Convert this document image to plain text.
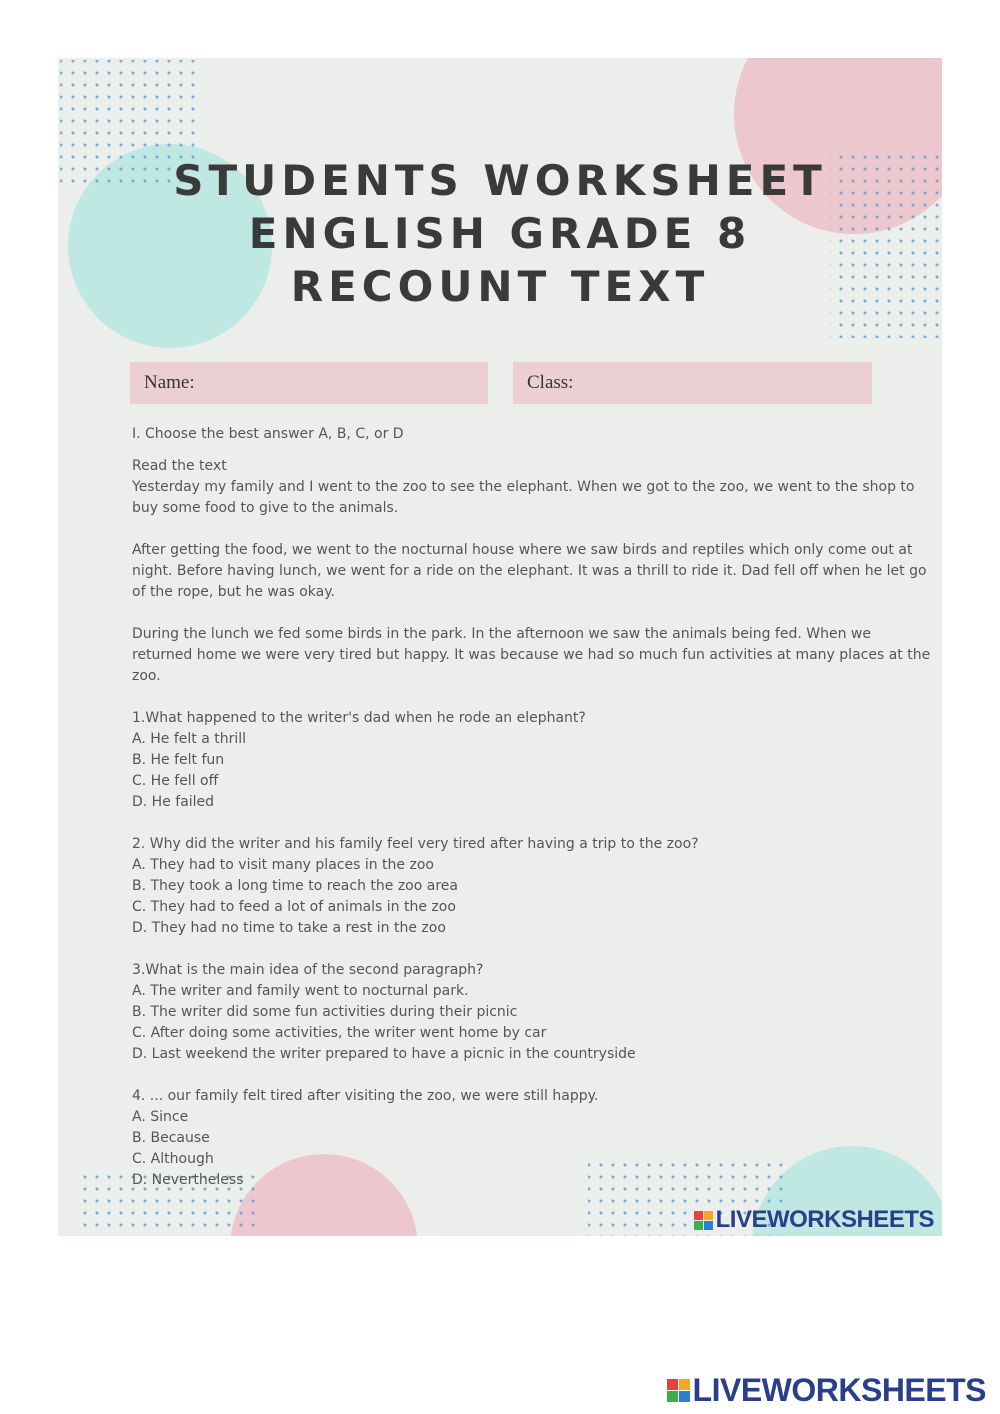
STUDENTS WORKSHEET
ENGLISH GRADE 8
RECOUNT TEXT
Name:	Class:

I. Choose the best answer A, B, C, or D

Read the text

Yesterday my family and I went to the zoo to see the elephant. When we got to the zoo, we went to the shop to buy some food to give to the animals.

After getting the food, we went to the nocturnal house where we saw birds and reptiles which only come out at night. Before having lunch, we went for a ride on the elephant. It was a thrill to ride it. Dad fell off when he let go of the rope, but he was okay.

During the lunch we fed some birds in the park. In the afternoon we saw the animals being fed. When we returned home we were very tired but happy. It was because we had so much fun activities at many places at the zoo.

1.What happened to the writer's dad when he rode an elephant?

A. He felt a thrill

B. He felt fun

C. He fell off

D. He failed

2. Why did the writer and his family feel very tired after having a trip to the zoo?

A. They had to visit many places in the zoo

B. They took a long time to reach the zoo area

C. They had to feed a lot of animals in the zoo

D. They had no time to take a rest in the zoo

3.What is the main idea of the second paragraph?

A. The writer and family went to nocturnal park.

B. The writer did some fun activities during their picnic

C. After doing some activities, the writer went home by car

D. Last weekend the writer prepared to have a picnic in the countryside

4. ... our family felt tired after visiting the zoo, we were still happy.

A. Since

B. Because

C. Although

D. Nevertheless

LIVEWORKSHEETS
LIVEWORKSHEETS
